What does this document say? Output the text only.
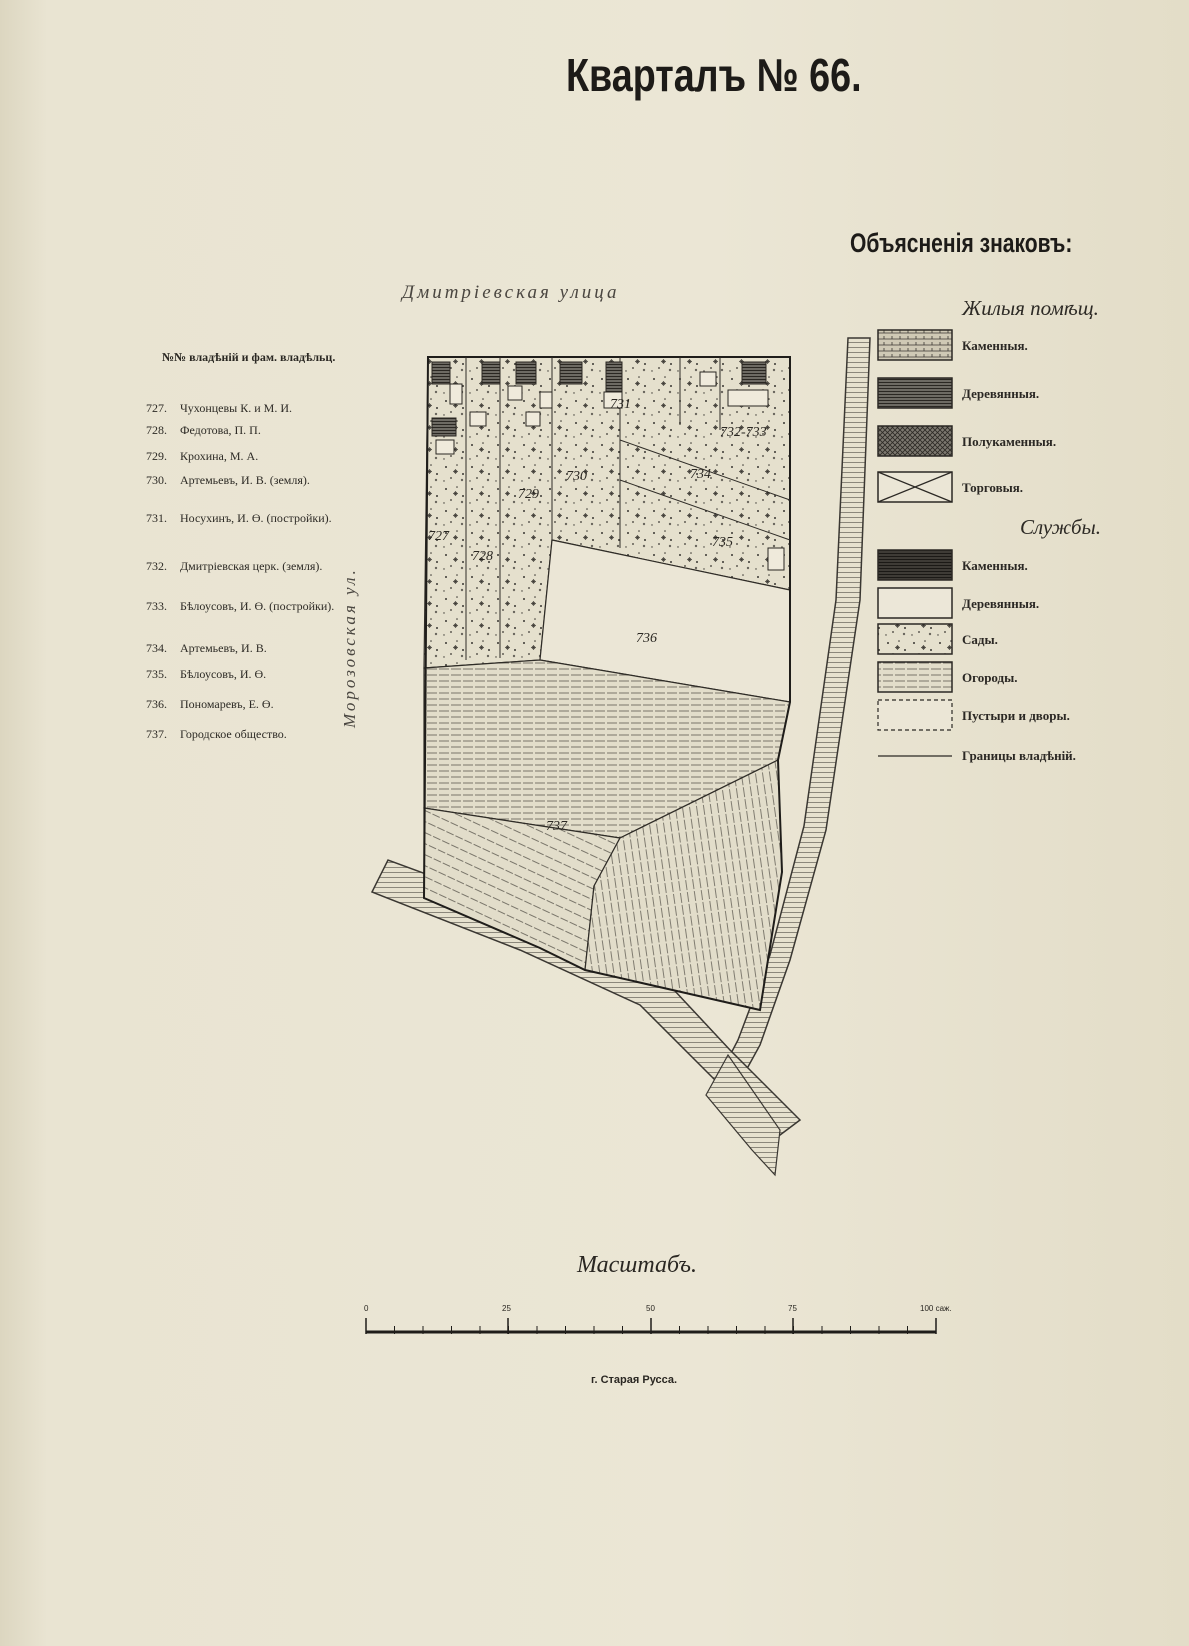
Кварталъ № 66.
№№ владѣній и фам. владѣльц.
727.	Чухонцевы К. и М. И.
728.	Федотова, П. П.
729.	Крохина, М. А.
730.	Артемьевъ, И. В. (земля).
731.	Носухинъ, И. Ө. (постройки).
732.	Дмитріевская церк. (земля).
733.	Бѣлоусовъ, И. Ө. (постройки).
734.	Артемьевъ, И. В.
735.	Бѣлоусовъ, И. Ө.
736.	Пономаревъ, Е. Ө.
737.	Городское общество.
727
728
729
730
731
732-733
734
735
736
737
Объясненія знаковъ:
Жилыя помѣщ.
Службы.
Каменныя.
Деревянныя.
Полукаменныя.
Торговыя.
Каменныя.
Деревянныя.
Сады.
Огороды.
Пустыри и дворы.
Границы владѣній.
Дмитріевская улица
Морозовская ул.
Масштабъ.
0	25	50	75	100 саж.
г. Старая Русса.
